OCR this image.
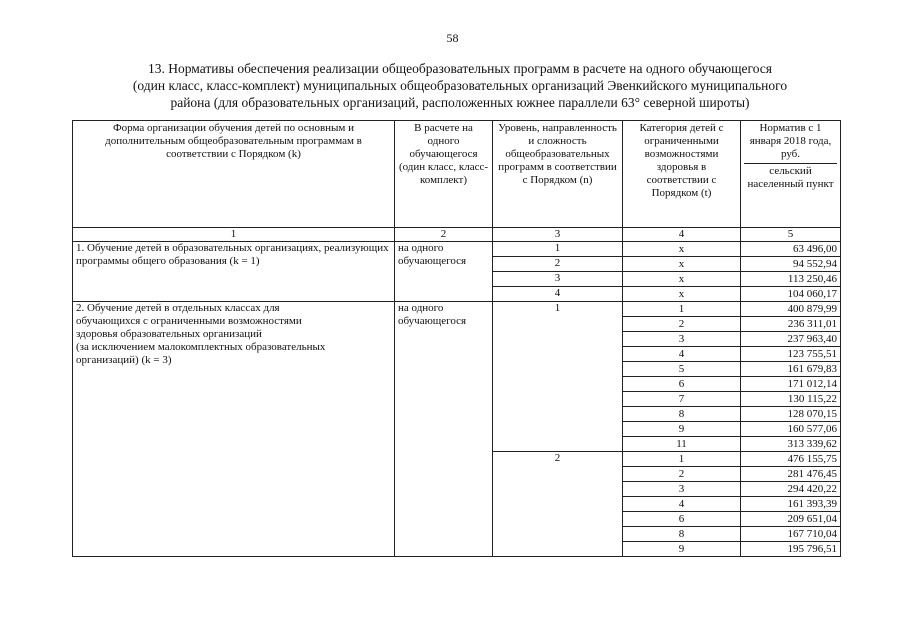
58
13. Нормативы обеспечения реализации общеобразовательных программ в расчете на одного обучающегося
(один класс, класс-комплект) муниципальных общеобразовательных организаций Эвенкийского муниципального
района (для образовательных организаций, расположенных южнее параллели 63° северной широты)
Форма организации обучения детей по основным и дополнительным общеобразовательным программам в соответствии с Порядком (k)	В расчете на одного обучающегося (один класс, класс-комплект)	Уровень, направленность и сложность общеобразовательных программ в соответствии с Порядком (n)	Категория детей с ограниченными возможностями здоровья в соответствии с Порядком (t)	Норматив с 1 января 2018 года, руб.
сельский населенный пункт

1	2	3	4	5
1. Обучение детей в образовательных организациях, реализующих программы общего образования (k = 1)	на одного обучающегося	1	х	63 496,00
		2	х	94 552,94
		3	х	113 250,46
		4	х	104 060,17

2. Обучение детей в отдельных классах для
обучающихся с ограниченными возможностями
здоровья образовательных организаций
(за исключением малокомплектных образовательных
организаций) (k = 3)	на одного обучающегося	1	1	400 879,99
			2	236 311,01
			3	237 963,40
			4	123 755,51
			5	161 679,83
			6	171 012,14
			7	130 115,22
			8	128 070,15
			9	160 577,06
			11	313 339,62
		2	1	476 155,75
			2	281 476,45
			3	294 420,22
			4	161 393,39
			6	209 651,04
			8	167 710,04
			9	195 796,51
